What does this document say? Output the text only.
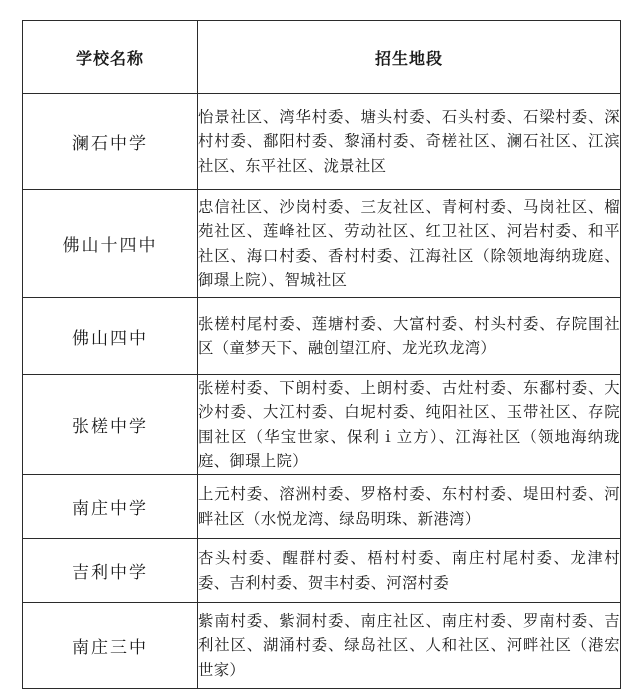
学校名称	招生地段
澜石中学	怡景社区、湾华村委、塘头村委、石头村委、石梁村委、深村村委、鄱阳村委、黎涌村委、奇槎社区、澜石社区、江滨社区、东平社区、泷景社区
佛山十四中	忠信社区、沙岗村委、三友社区、青柯村委、马岗社区、榴苑社区、莲峰社区、劳动社区、红卫社区、河岩村委、和平社区、海口村委、香村村委、江海社区（除领地海纳珑庭、御璟上院）、智城社区
佛山四中	张槎村尾村委、莲塘村委、大富村委、村头村委、存院围社区（童梦天下、融创望江府、龙光玖龙湾）
张槎中学	张槎村委、下朗村委、上朗村委、古灶村委、东鄱村委、大沙村委、大江村委、白坭村委、纯阳社区、玉带社区、存院围社区（华宝世家、保利ｉ立方）、江海社区（领地海纳珑庭、御璟上院）
南庄中学	上元村委、溶洲村委、罗格村委、东村村委、堤田村委、河畔社区（水悦龙湾、绿岛明珠、新港湾）
吉利中学	杏头村委、醒群村委、梧村村委、南庄村尾村委、龙津村委、吉利村委、贺丰村委、河滘村委
南庄三中	紫南村委、紫洞村委、南庄社区、南庄村委、罗南村委、吉利社区、湖涌村委、绿岛社区、人和社区、河畔社区（港宏世家）
